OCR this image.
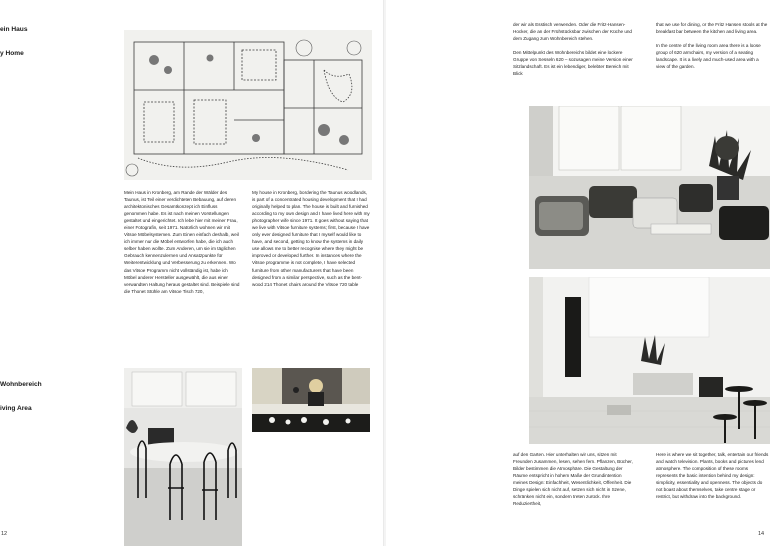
ein Haus

y Home

Mein Haus in Kronberg, am Rande der Wälder des Taunus, ist Teil einer verdichteten Bebauung, auf deren architektonisches Gesamtkonzept ich Einfluss genommen habe. Es ist nach meinen Vorstellungen gestaltet und eingerichtet. Ich lebe hier mit meiner Frau, einer Fotografin, seit 1971. Natürlich wohnen wir mit Vitsoe Möbelsystemen. Zum Einen einfach deshalb, weil ich immer nur die Möbel entworfen habe, die ich auch selber haben wollte. Zum Anderen, um sie im täglichen Gebrauch kennenzulernen und Ansatzpunkte für Weiterentwicklung und Verbesserung zu erkennen. Wo das Vitsoe Programm nicht vollständig ist, habe ich Möbel anderer Hersteller ausgewählt, die aus einer verwandten Haltung heraus gestaltet sind. Beispiele sind die Thonet Stühle am Vitsoe Tisch 720,

My house in Kronberg, bordering the Taunus woodlands, is part of a concentrated housing development that I had originally helped to plan. The house is built and furnished according to my own design and I have lived here with my photographer wife since 1971. It goes without saying that we live with Vitsoe furniture systems; first, because I have only ever designed furniture that I myself would like to have, and second, getting to know the systems in daily use allows me to better recognise where they might be improved or developed further. In instances where the Vitsoe programme is not complete, I have selected furniture from other manufacturers that have been designed from a similar perspective, such as the bent-wood 214 Thonet chairs around the Vitsoe 720 table

Wohnbereich

iving Area

12

der wir als Esstisch verwenden. Oder die Fritz-Hansen-Hocker, die an der Frühstücksbar zwischen der Küche und dem Zugang zum Wohnbereich stehen.

Den Mittelpunkt des Wohnbereichs bildet eine lockere Gruppe von Sesseln 620 – sozusagen meine Version einer Sitzlandschaft. Es ist ein lebendiger, belebter Bereich mit Blick

that we use for dining, or the Fritz Hansen stools at the breakfast bar between the kitchen and living area.

In the centre of the living room area there is a loose group of 620 armchairs, my version of a seating landscape. It is a lively and much-used area with a view of the garden.

auf den Garten. Hier unterhalten wir uns, sitzen mit Freunden zusammen, lesen, sehen fern. Pflanzen, Bücher, Bilder bestimmen die Atmosphäre. Die Gestaltung der Räume entspricht in hohem Maße der Grundintention meines Design: Einfachheit, Wesentlichkeit, Offenheit. Die Dinge spielen sich nicht auf, setzen sich nicht in Szene, schränken nicht ein, sondern treten zurück. Ihre Reduziertheit,

Here is where we sit together, talk, entertain our friends and watch television. Plants, books and pictures lend atmosphere. The composition of these rooms represents the basic intention behind my design: simplicity, essentiality and openness. The objects do not boast about themselves, take centre stage or restrict, but withdraw into the background.

14
